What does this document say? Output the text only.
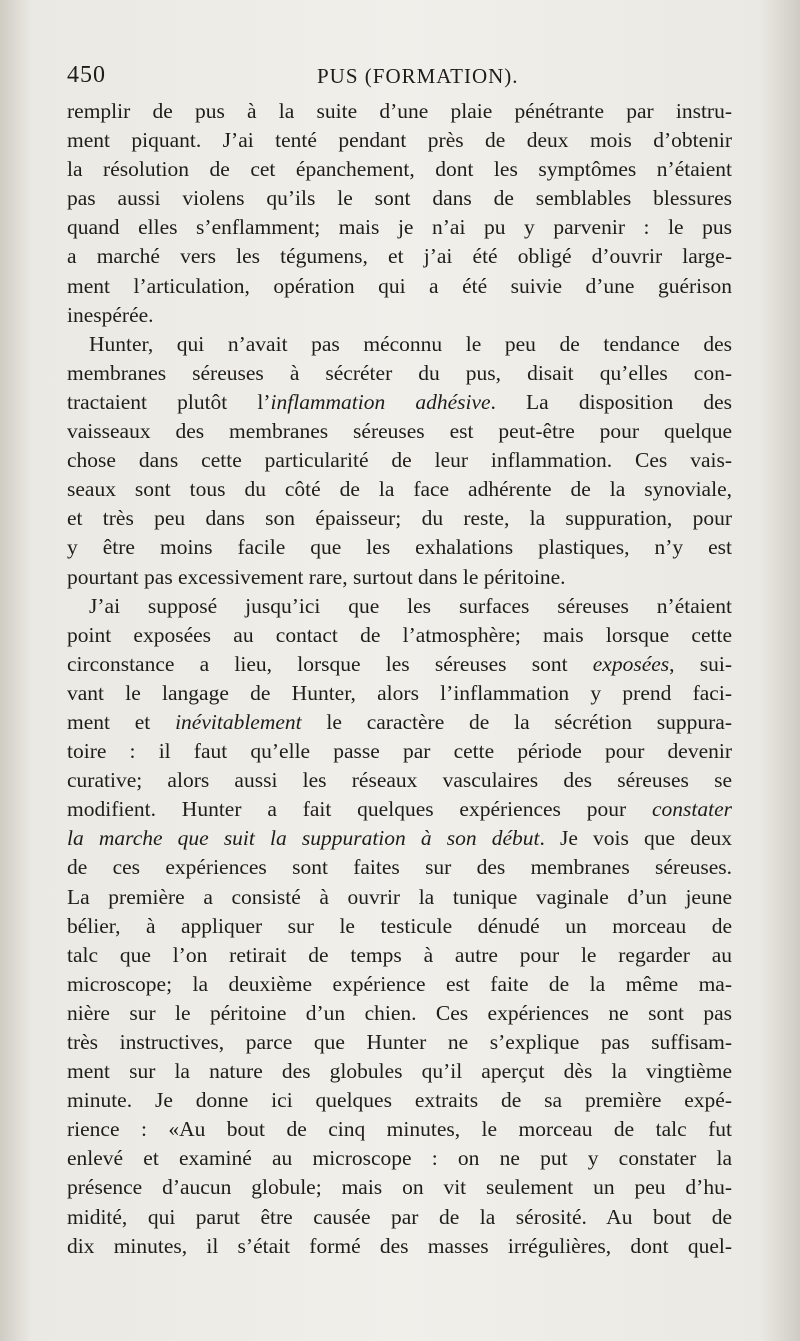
450	PUS (FORMATION).
remplir de pus à la suite d’une plaie pénétrante par instru-
ment piquant. J’ai tenté pendant près de deux mois d’obtenir
la résolution de cet épanchement, dont les symptômes n’étaient
pas aussi violens qu’ils le sont dans de semblables blessures
quand elles s’enflamment; mais je n’ai pu y parvenir : le pus
a marché vers les tégumens, et j’ai été obligé d’ouvrir large-
ment l’articulation, opération qui a été suivie d’une guérison
inespérée.
Hunter, qui n’avait pas méconnu le peu de tendance des
membranes séreuses à sécréter du pus, disait qu’elles con-
tractaient plutôt l’inflammation adhésive. La disposition des
vaisseaux des membranes séreuses est peut-être pour quelque
chose dans cette particularité de leur inflammation. Ces vais-
seaux sont tous du côté de la face adhérente de la synoviale,
et très peu dans son épaisseur; du reste, la suppuration, pour
y être moins facile que les exhalations plastiques, n’y est
pourtant pas excessivement rare, surtout dans le péritoine.
J’ai supposé jusqu’ici que les surfaces séreuses n’étaient
point exposées au contact de l’atmosphère; mais lorsque cette
circonstance a lieu, lorsque les séreuses sont exposées, sui-
vant le langage de Hunter, alors l’inflammation y prend faci-
ment et inévitablement le caractère de la sécrétion suppura-
toire : il faut qu’elle passe par cette période pour devenir
curative; alors aussi les réseaux vasculaires des séreuses se
modifient. Hunter a fait quelques expériences pour constater
la marche que suit la suppuration à son début. Je vois que deux
de ces expériences sont faites sur des membranes séreuses.
La première a consisté à ouvrir la tunique vaginale d’un jeune
bélier, à appliquer sur le testicule dénudé un morceau de
talc que l’on retirait de temps à autre pour le regarder au
microscope; la deuxième expérience est faite de la même ma-
nière sur le péritoine d’un chien. Ces expériences ne sont pas
très instructives, parce que Hunter ne s’explique pas suffisam-
ment sur la nature des globules qu’il aperçut dès la vingtième
minute. Je donne ici quelques extraits de sa première expé-
rience : «Au bout de cinq minutes, le morceau de talc fut
enlevé et examiné au microscope : on ne put y constater la
présence d’aucun globule; mais on vit seulement un peu d’hu-
midité, qui parut être causée par de la sérosité. Au bout de
dix minutes, il s’était formé des masses irrégulières, dont quel-
